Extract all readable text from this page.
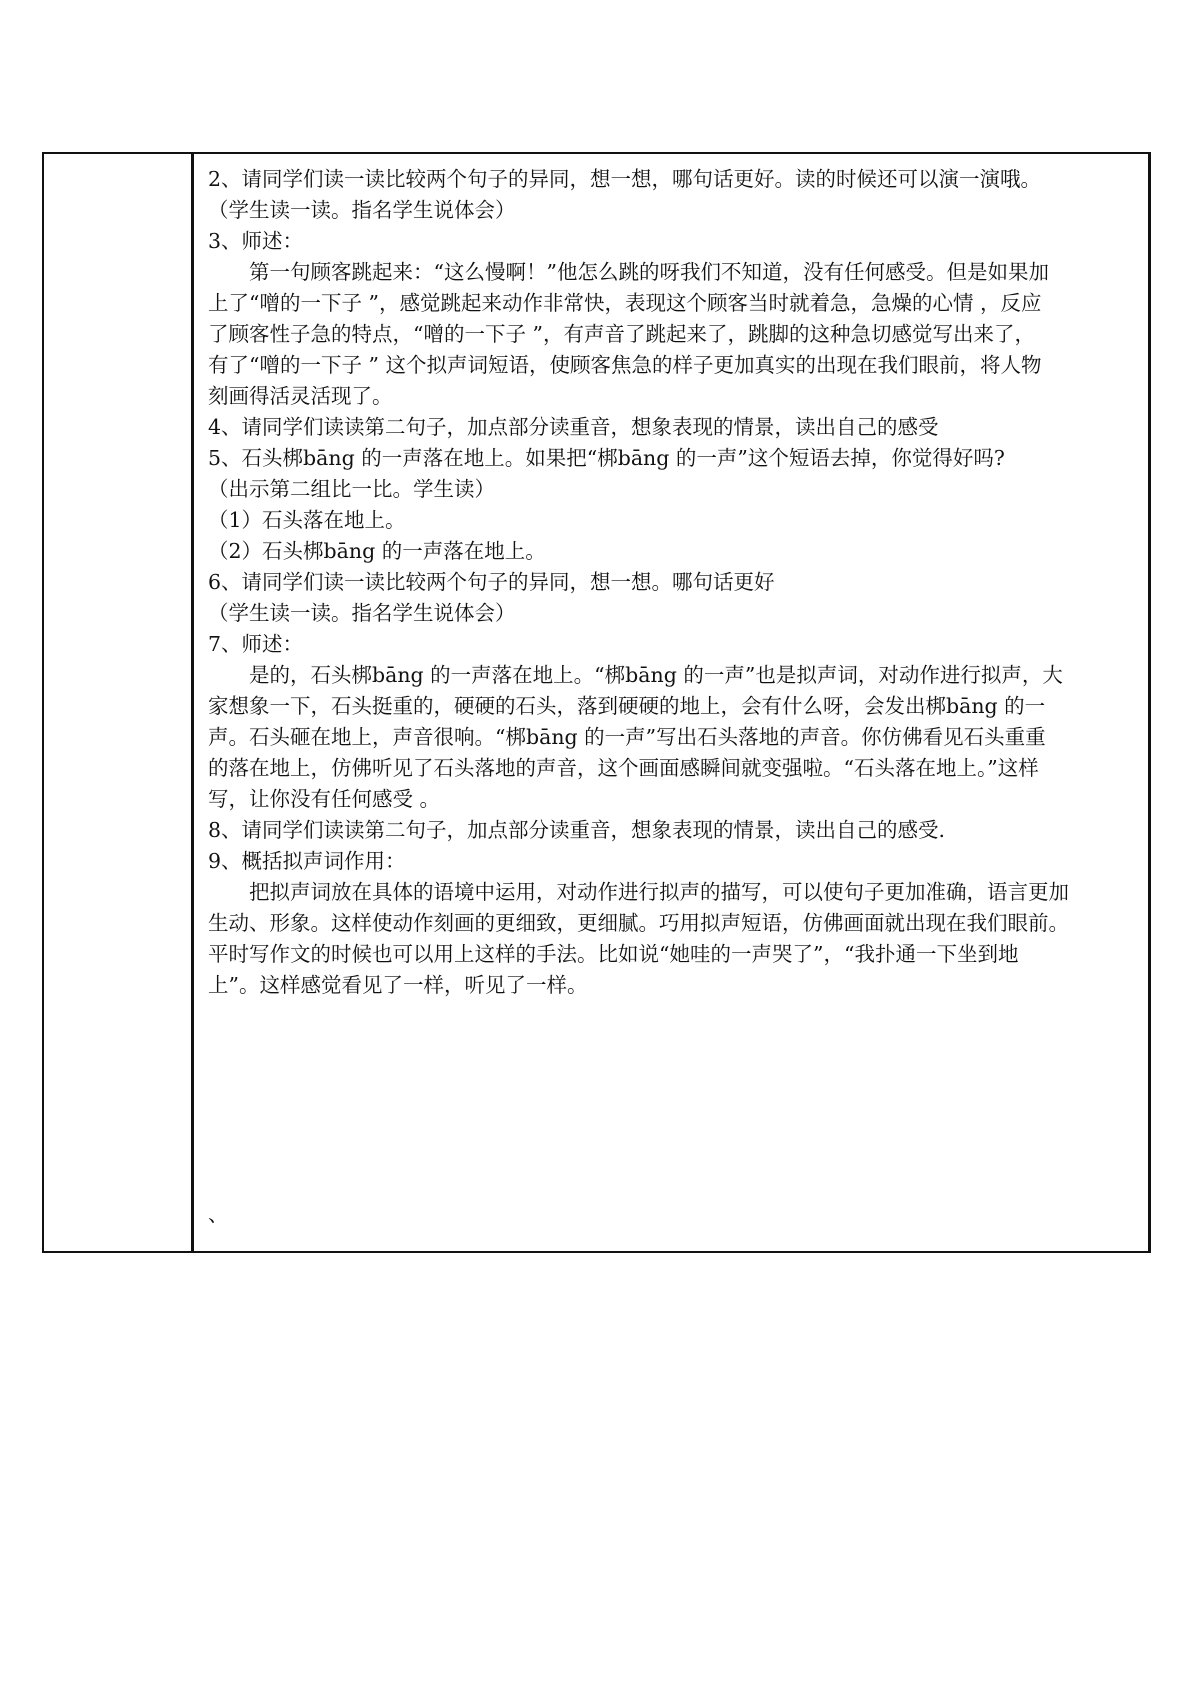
2、请同学们读一读比较两个句子的异同，想一想，哪句话更好。读的时候还可以演一演哦。
（学生读一读。指名学生说体会）
3、师述：
第一句顾客跳起来：“这么慢啊！”他怎么跳的呀我们不知道，没有任何感受。但是如果加
上了“噌的一下子 ”，感觉跳起来动作非常快，表现这个顾客当时就着急，急燥的心情 ，反应
了顾客性子急的特点，“噌的一下子 ”，有声音了跳起来了，跳脚的这种急切感觉写出来了，
有了“噌的一下子 ” 这个拟声词短语，使顾客焦急的样子更加真实的出现在我们眼前，将人物
刻画得活灵活现了。
4、请同学们读读第二句子，加点部分读重音，想象表现的情景，读出自己的感受
5、石头梆bāng 的一声落在地上。如果把“梆bāng 的一声”这个短语去掉，你觉得好吗?
（出示第二组比一比。学生读）
（1）石头落在地上。
（2）石头梆bāng 的一声落在地上。
6、请同学们读一读比较两个句子的异同，想一想。哪句话更好
（学生读一读。指名学生说体会）
7、师述：
是的，石头梆bāng 的一声落在地上。“梆bāng 的一声”也是拟声词，对动作进行拟声，大
家想象一下，石头挺重的，硬硬的石头，落到硬硬的地上，会有什么呀，会发出梆bāng 的一
声。石头砸在地上，声音很响。“梆bāng 的一声”写出石头落地的声音。你仿佛看见石头重重
的落在地上，仿佛听见了石头落地的声音，这个画面感瞬间就变强啦。“石头落在地上。”这样
写，让你没有任何感受 。
8、请同学们读读第二句子，加点部分读重音，想象表现的情景，读出自己的感受.
9、概括拟声词作用：
把拟声词放在具体的语境中运用，对动作进行拟声的描写，可以使句子更加准确，语言更加
生动、形象。这样使动作刻画的更细致，更细腻。巧用拟声短语，仿佛画面就出现在我们眼前。
平时写作文的时候也可以用上这样的手法。比如说“她哇的一声哭了”，“我扑通一下坐到地
上”。这样感觉看见了一样，听见了一样。
、
